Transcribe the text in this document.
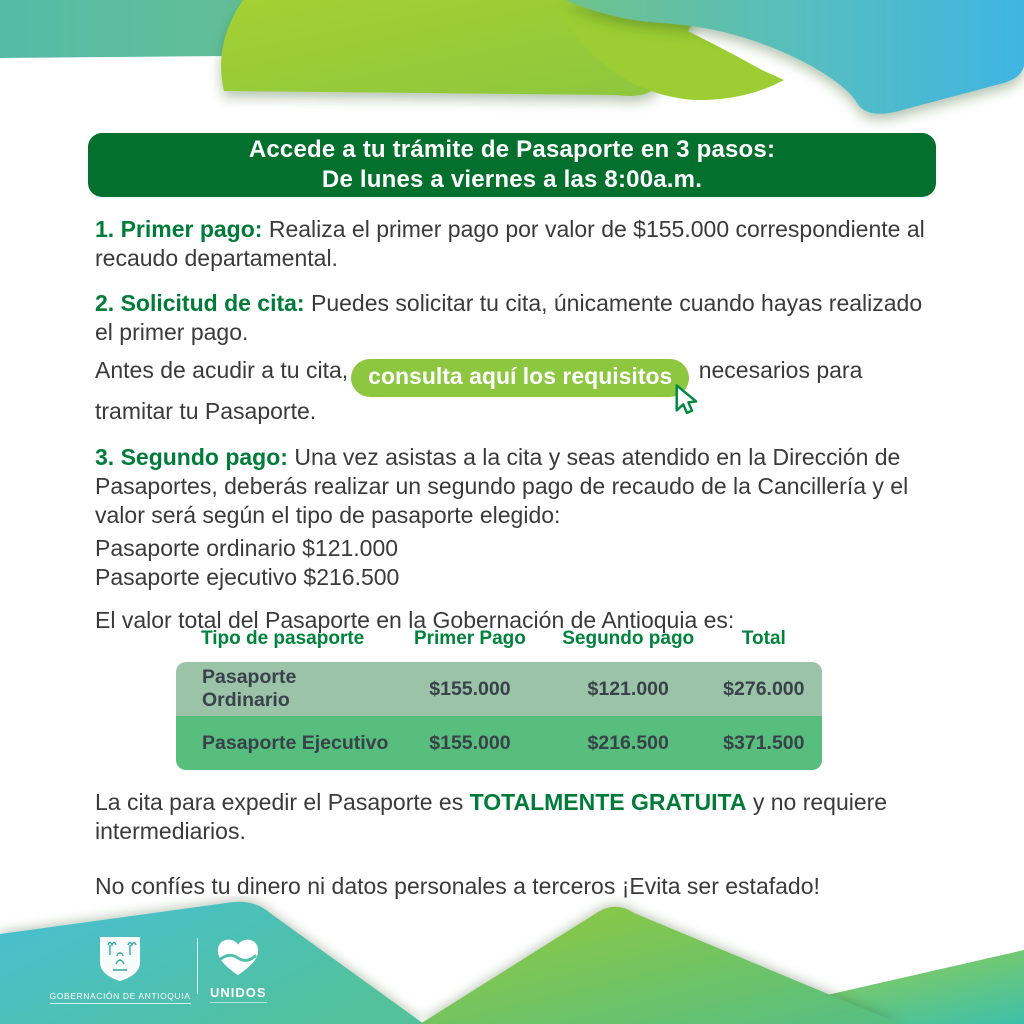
Accede a tu trámite de Pasaporte en 3 pasos:
De lunes a viernes a las 8:00a.m.

1. Primer pago: Realiza el primer pago por valor de $155.000 correspondiente al recaudo departamental.

2. Solicitud de cita: Puedes solicitar tu cita, únicamente cuando hayas realizado el primer pago.

Antes de acudir a tu cita, consulta aquí los requisitos
necesarios para tramitar tu Pasaporte.

3. Segundo pago: Una vez asistas a la cita y seas atendido en la Dirección de Pasaportes, deberás realizar un segundo pago de recaudo de la Cancillería y el valor será según el tipo de pasaporte elegido:

Pasaporte ordinario $121.000
Pasaporte ejecutivo $216.500

El valor total del Pasaporte en la Gobernación de Antioquia es:

Tipo de pasaporte	Primer Pago	Segundo pago	Total
Pasaporte Ordinario
$155.000	$121.000	$276.000
Pasaporte Ejecutivo	$155.000	$216.500	$371.500

La cita para expedir el Pasaporte es TOTALMENTE GRATUITA y no requiere intermediarios.

No confíes tu dinero ni datos personales a terceros ¡Evita ser estafado!

GOBERNACIÓN DE ANTIOQUIA UNIDOS
